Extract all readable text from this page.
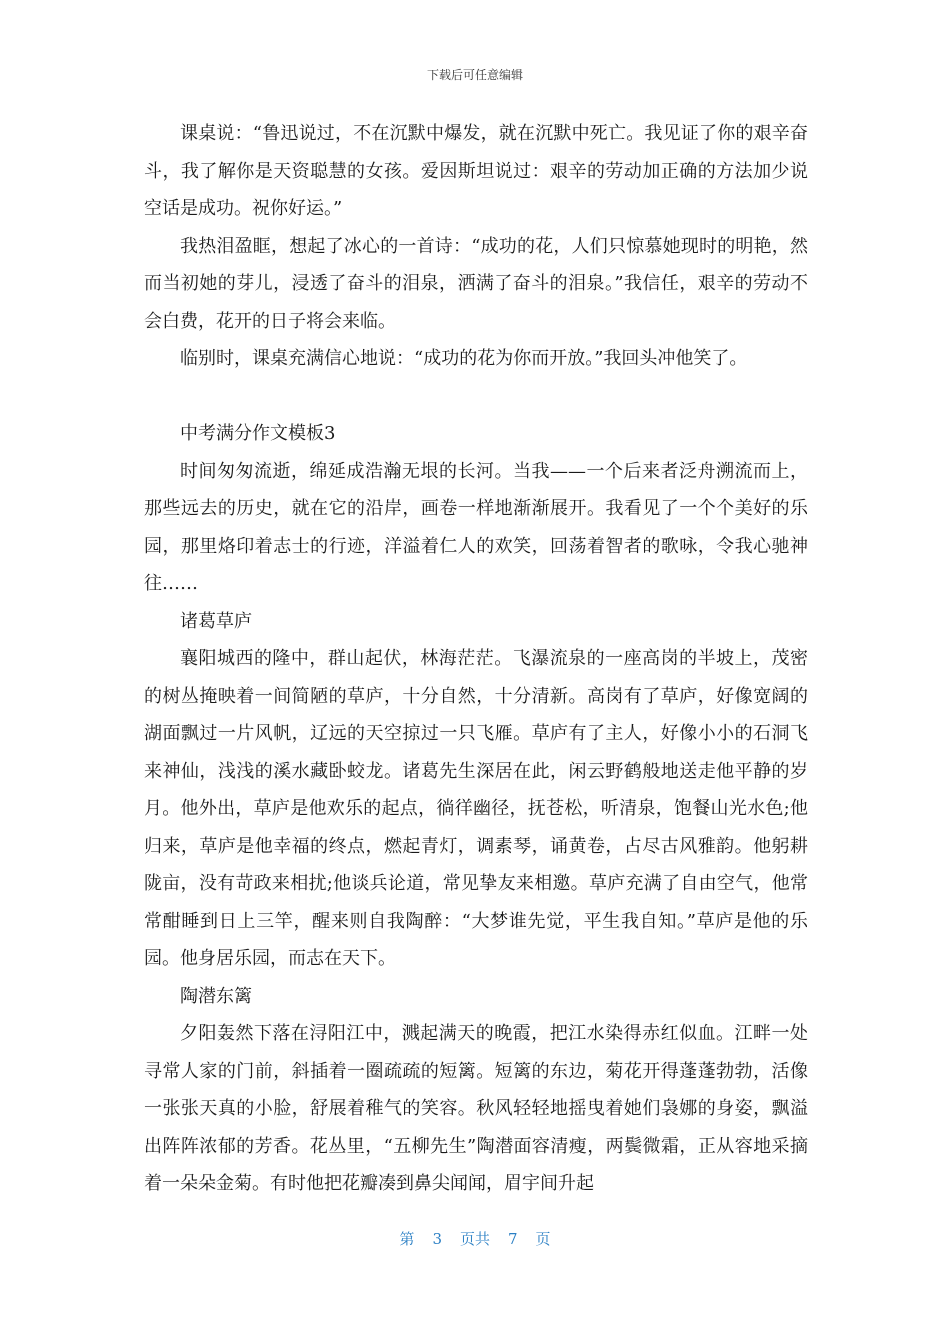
下载后可任意编辑

课桌说：“鲁迅说过，不在沉默中爆发，就在沉默中死亡。我见证了你的艰辛奋斗，我了解你是天资聪慧的女孩。爱因斯坦说过：艰辛的劳动加正确的方法加少说空话是成功。祝你好运。”

我热泪盈眶，想起了冰心的一首诗：“成功的花，人们只惊慕她现时的明艳，然而当初她的芽儿，浸透了奋斗的泪泉，洒满了奋斗的泪泉。”我信任，艰辛的劳动不会白费，花开的日子将会来临。

临别时，课桌充满信心地说：“成功的花为你而开放。”我回头冲他笑了。

中考满分作文模板3

时间匆匆流逝，绵延成浩瀚无垠的长河。当我——一个后来者泛舟溯流而上，那些远去的历史，就在它的沿岸，画卷一样地渐渐展开。我看见了一个个美好的乐园，那里烙印着志士的行迹，洋溢着仁人的欢笑，回荡着智者的歌咏，令我心驰神往……

诸葛草庐

襄阳城西的隆中，群山起伏，林海茫茫。飞瀑流泉的一座高岗的半坡上，茂密的树丛掩映着一间简陋的草庐，十分自然，十分清新。高岗有了草庐，好像宽阔的湖面飘过一片风帆，辽远的天空掠过一只飞雁。草庐有了主人，好像小小的石洞飞来神仙，浅浅的溪水藏卧蛟龙。诸葛先生深居在此，闲云野鹤般地送走他平静的岁月。他外出，草庐是他欢乐的起点，徜徉幽径，抚苍松，听清泉，饱餐山光水色;他归来，草庐是他幸福的终点，燃起青灯，调素琴，诵黄卷，占尽古风雅韵。他躬耕陇亩，没有苛政来相扰;他谈兵论道，常见挚友来相邀。草庐充满了自由空气，他常常酣睡到日上三竿，醒来则自我陶醉：“大梦谁先觉，平生我自知。”草庐是他的乐园。他身居乐园，而志在天下。

陶潜东篱

夕阳轰然下落在浔阳江中，溅起满天的晚霞，把江水染得赤红似血。江畔一处寻常人家的门前，斜插着一圈疏疏的短篱。短篱的东边，菊花开得蓬蓬勃勃，活像一张张天真的小脸，舒展着稚气的笑容。秋风轻轻地摇曳着她们袅娜的身姿，飘溢出阵阵浓郁的芳香。花丛里，“五柳先生”陶潜面容清瘦，两鬓微霜，正从容地采摘着一朵朵金菊。有时他把花瓣凑到鼻尖闻闻，眉宇间升起

第 3 页共 7 页
